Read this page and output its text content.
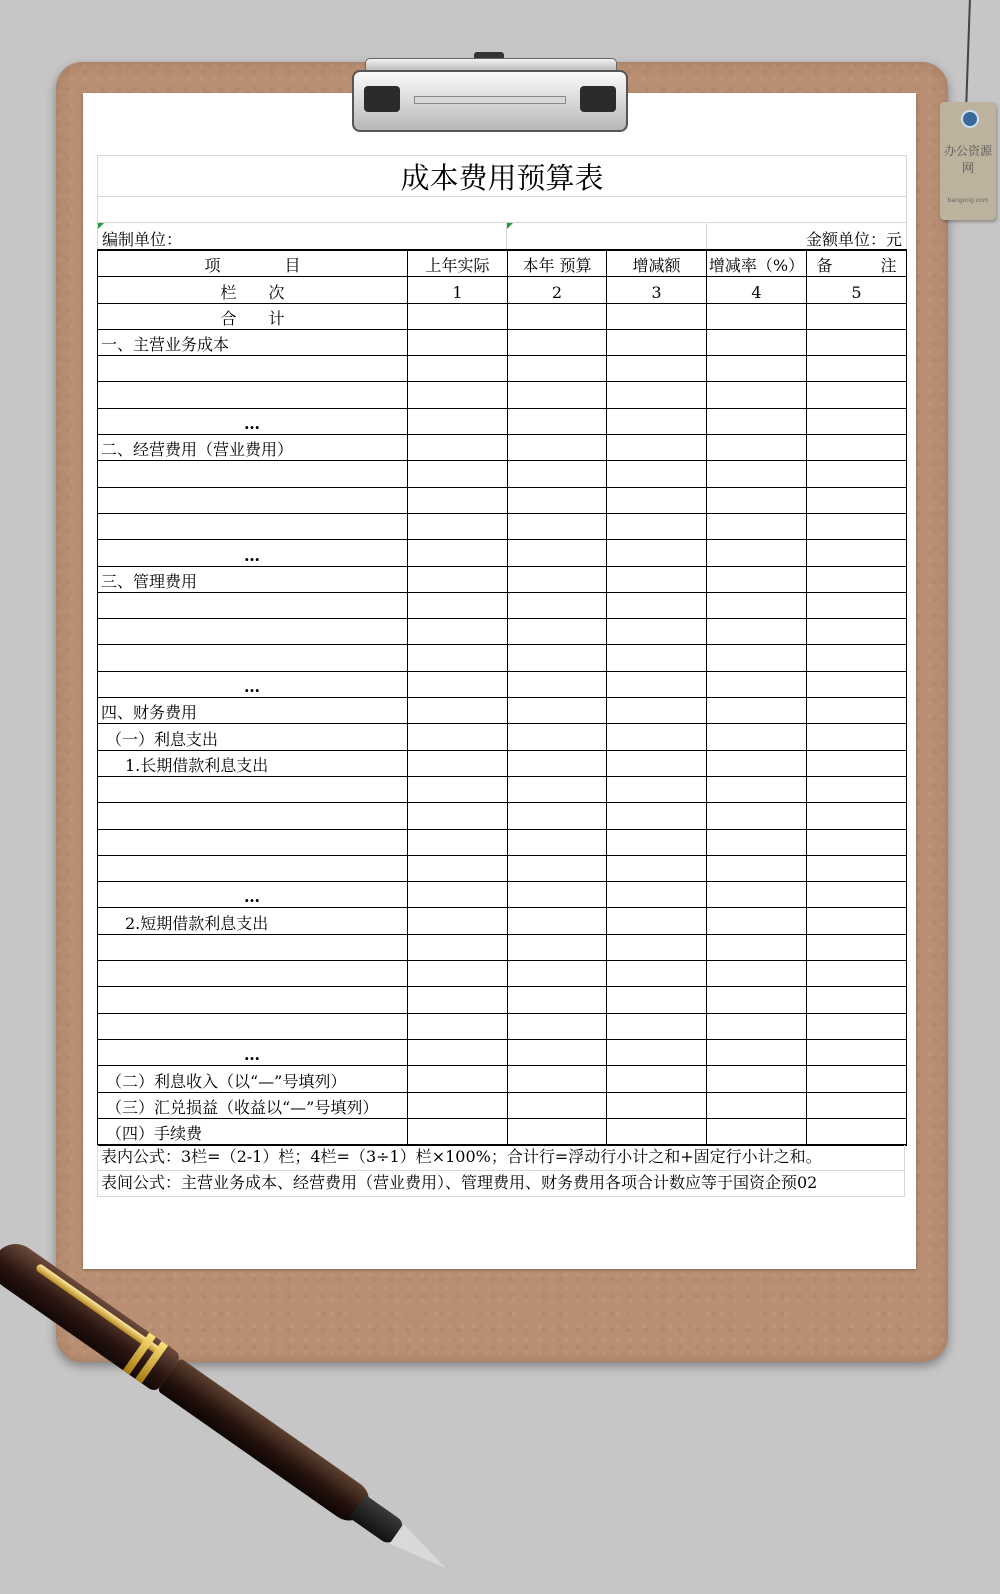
办公资源网
bangong.com
成本费用预算表
编制单位：	金额单位：元
项　　　　目	上年实际	本年 预算	增减额	增减率（%）	备　　　注
栏　　次	1	2	3	4	5
合　　计					
一、主营业务成本					

…					
二、经营费用（营业费用）					

…					
三、管理费用					

…					
四、财务费用					
（一）利息支出					
1.长期借款利息支出					

…					
2.短期借款利息支出					

…					
（二）利息收入（以“—”号填列）					
（三）汇兑损益（收益以“—”号填列）					
（四）手续费					
表内公式：3栏=（2-1）栏；4栏=（3÷1）栏×100%；合计行=浮动行小计之和+固定行小计之和。
表间公式：主营业务成本、经营费用（营业费用）、管理费用、财务费用各项合计数应等于国资企预02
